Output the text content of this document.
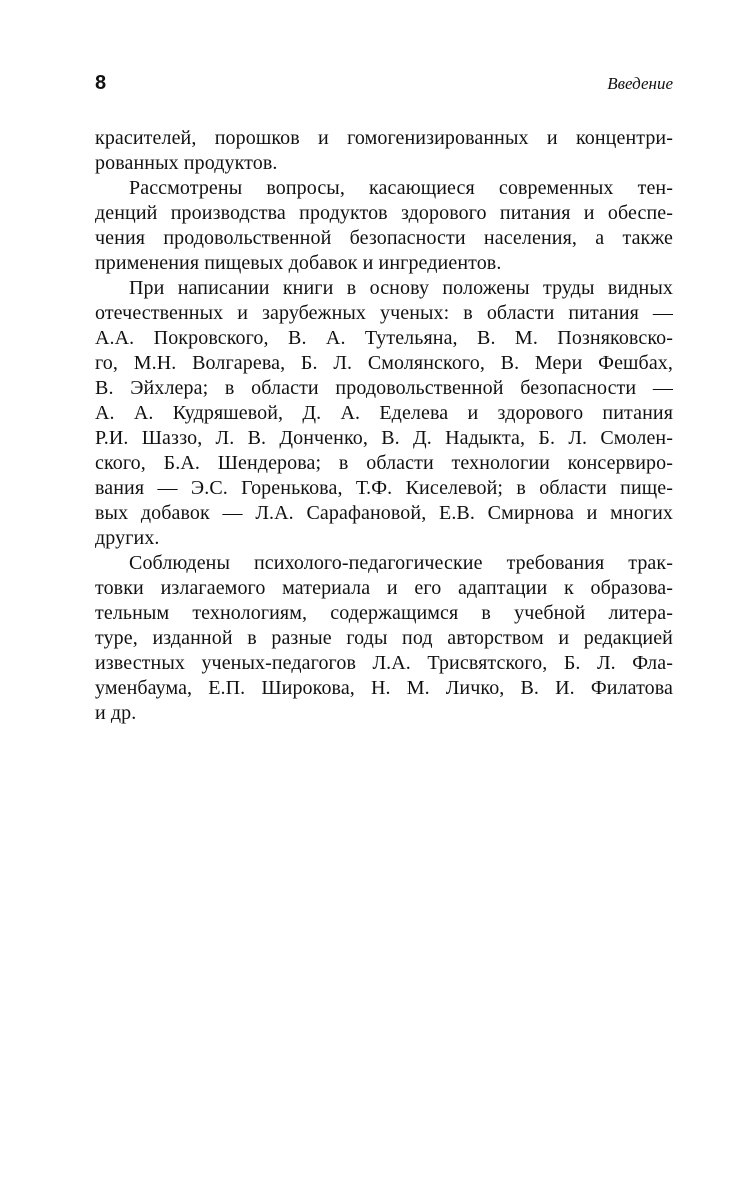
8	Введение
красителей, порошков и гомогенизированных и концентри-
рованных продуктов.
Рассмотрены вопросы, касающиеся современных тен-
денций производства продуктов здорового питания и обеспе-
чения продовольственной безопасности населения, а также
применения пищевых добавок и ингредиентов.
При написании книги в основу положены труды видных
отечественных и зарубежных ученых: в области питания —
А.А. Покровского, В. А. Тутельяна, В. М. Позняковско-
го, М.Н. Волгарева, Б. Л. Смолянского, В. Мери Фешбах,
В. Эйхлера; в области продовольственной безопасности —
А. А. Кудряшевой, Д. А. Еделева и здорового питания
Р.И. Шаззо, Л. В. Донченко, В. Д. Надыкта, Б. Л. Смолен-
ского, Б.А. Шендерова; в области технологии консервиро-
вания — Э.С. Горенькова, Т.Ф. Киселевой; в области пище-
вых добавок — Л.А. Сарафановой, Е.В. Смирнова и многих
других.
Соблюдены психолого-педагогические требования трак-
товки излагаемого материала и его адаптации к образова-
тельным технологиям, содержащимся в учебной литера-
туре, изданной в разные годы под авторством и редакцией
известных ученых-педагогов Л.А. Трисвятского, Б. Л. Фла-
уменбаума, Е.П. Широкова, Н. М. Личко, В. И. Филатова
и др.
